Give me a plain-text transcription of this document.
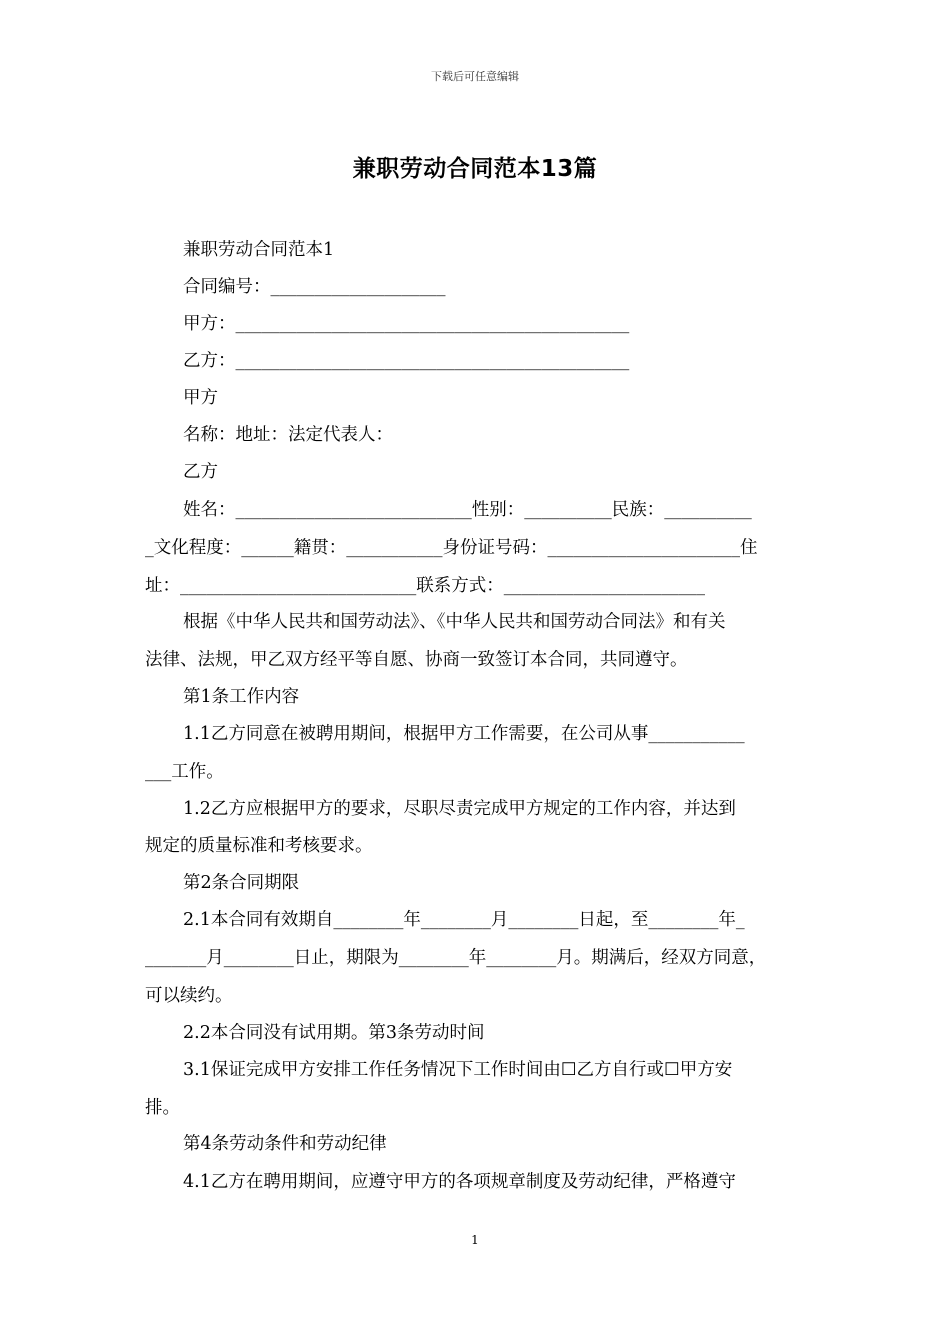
下载后可任意编辑
兼职劳动合同范本13篇
兼职劳动合同范本1
合同编号：____________________
甲方：_____________________________________________
乙方：_____________________________________________
甲方
名称：地址：法定代表人：
乙方
姓名：___________________________性别：__________民族：__________
_文化程度：______籍贯：___________身份证号码：______________________住
址：___________________________联系方式：_______________________
根据《中华人民共和国劳动法》、《中华人民共和国劳动合同法》和有关
法律、法规，甲乙双方经平等自愿、协商一致签订本合同，共同遵守。
第1条工作内容
1.1乙方同意在被聘用期间，根据甲方工作需要，在公司从事___________
___工作。
1.2乙方应根据甲方的要求，尽职尽责完成甲方规定的工作内容，并达到
规定的质量标准和考核要求。
第2条合同期限
2.1本合同有效期自________年________月________日起，至________年_
_______月________日止，期限为________年________月。期满后，经双方同意，
可以续约。
2.2本合同没有试用期。第3条劳动时间
3.1保证完成甲方安排工作任务情况下工作时间由☐乙方自行或☐甲方安
排。
第4条劳动条件和劳动纪律
4.1乙方在聘用期间，应遵守甲方的各项规章制度及劳动纪律，严格遵守
1
